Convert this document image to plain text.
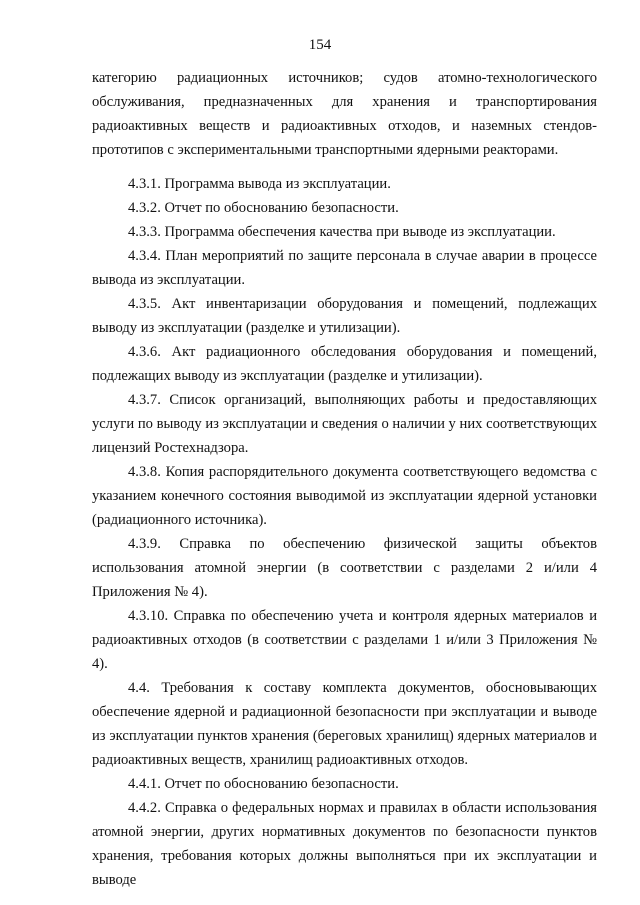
154

категорию радиационных источников; судов атомно-технологического обслуживания, предназначенных для хранения и транспортирования радиоактивных веществ и радиоактивных отходов, и наземных стендов-прототипов с экспериментальными транспортными ядерными реакторами.

4.3.1. Программа вывода из эксплуатации.

4.3.2. Отчет по обоснованию безопасности.

4.3.3. Программа обеспечения качества при выводе из эксплуатации.

4.3.4. План мероприятий по защите персонала в случае аварии в процессе вывода из эксплуатации.

4.3.5. Акт инвентаризации оборудования и помещений, подлежащих выводу из эксплуатации (разделке и утилизации).

4.3.6. Акт радиационного обследования оборудования и помещений, подлежащих выводу из эксплуатации (разделке и утилизации).

4.3.7. Список организаций, выполняющих работы и предоставляющих услуги по выводу из эксплуатации и сведения о наличии у них соответствующих лицензий Ростехнадзора.

4.3.8. Копия распорядительного документа соответствующего ведомства с указанием конечного состояния выводимой из эксплуатации ядерной установки (радиационного источника).

4.3.9. Справка по обеспечению физической защиты объектов использования атомной энергии (в соответствии с разделами 2 и/или 4 Приложения № 4).

4.3.10. Справка по обеспечению учета и контроля ядерных материалов и радиоактивных отходов (в соответствии с разделами 1 и/или 3 Приложения № 4).

4.4. Требования к составу комплекта документов, обосновывающих обеспечение ядерной и радиационной безопасности при эксплуатации и выводе из эксплуатации пунктов хранения (береговых хранилищ) ядерных материалов и радиоактивных веществ, хранилищ радиоактивных отходов.

4.4.1. Отчет по обоснованию безопасности.

4.4.2. Справка о федеральных нормах и правилах в области использования атомной энергии, других нормативных документов по безопасности пунктов хранения, требования которых должны выполняться при их эксплуатации и выводе
